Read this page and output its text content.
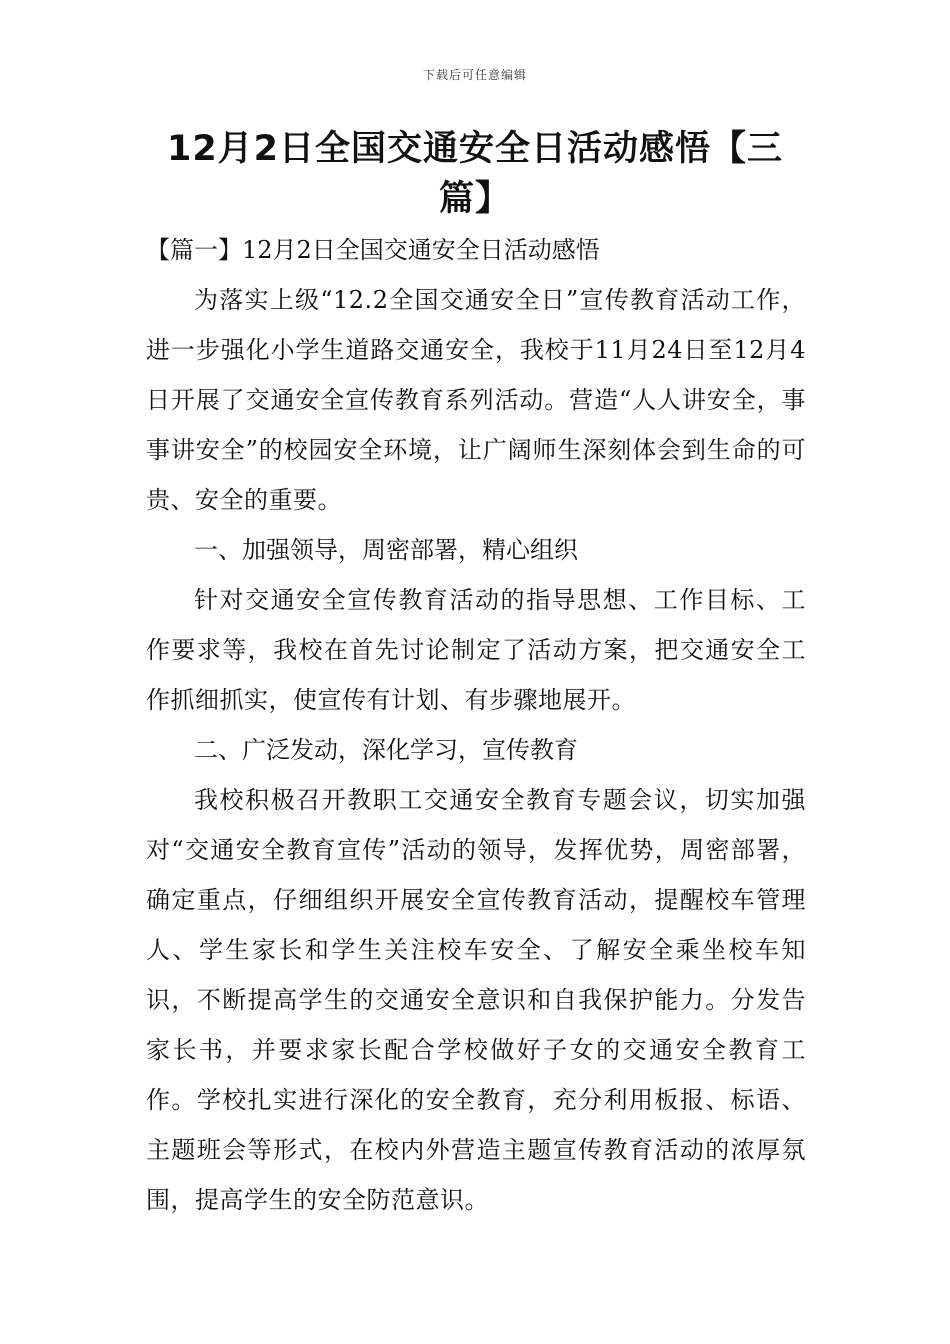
下载后可任意编辑
12月2日全国交通安全日活动感悟【三篇】

【篇一】12月2日全国交通安全日活动感悟

为落实上级“12.2全国交通安全日”宣传教育活动工作，进一步强化小学生道路交通安全，我校于11月24日至12月4日开展了交通安全宣传教育系列活动。营造“人人讲安全，事事讲安全”的校园安全环境，让广阔师生深刻体会到生命的可贵、安全的重要。

一、加强领导，周密部署，精心组织

针对交通安全宣传教育活动的指导思想、工作目标、工作要求等，我校在首先讨论制定了活动方案，把交通安全工作抓细抓实，使宣传有计划、有步骤地展开。

二、广泛发动，深化学习，宣传教育

我校积极召开教职工交通安全教育专题会议，切实加强对“交通安全教育宣传”活动的领导，发挥优势，周密部署，确定重点，仔细组织开展安全宣传教育活动，提醒校车管理人、学生家长和学生关注校车安全、了解安全乘坐校车知识，不断提高学生的交通安全意识和自我保护能力。分发告家长书，并要求家长配合学校做好子女的交通安全教育工作。学校扎实进行深化的安全教育，充分利用板报、标语、主题班会等形式，在校内外营造主题宣传教育活动的浓厚氛围，提高学生的安全防范意识。
